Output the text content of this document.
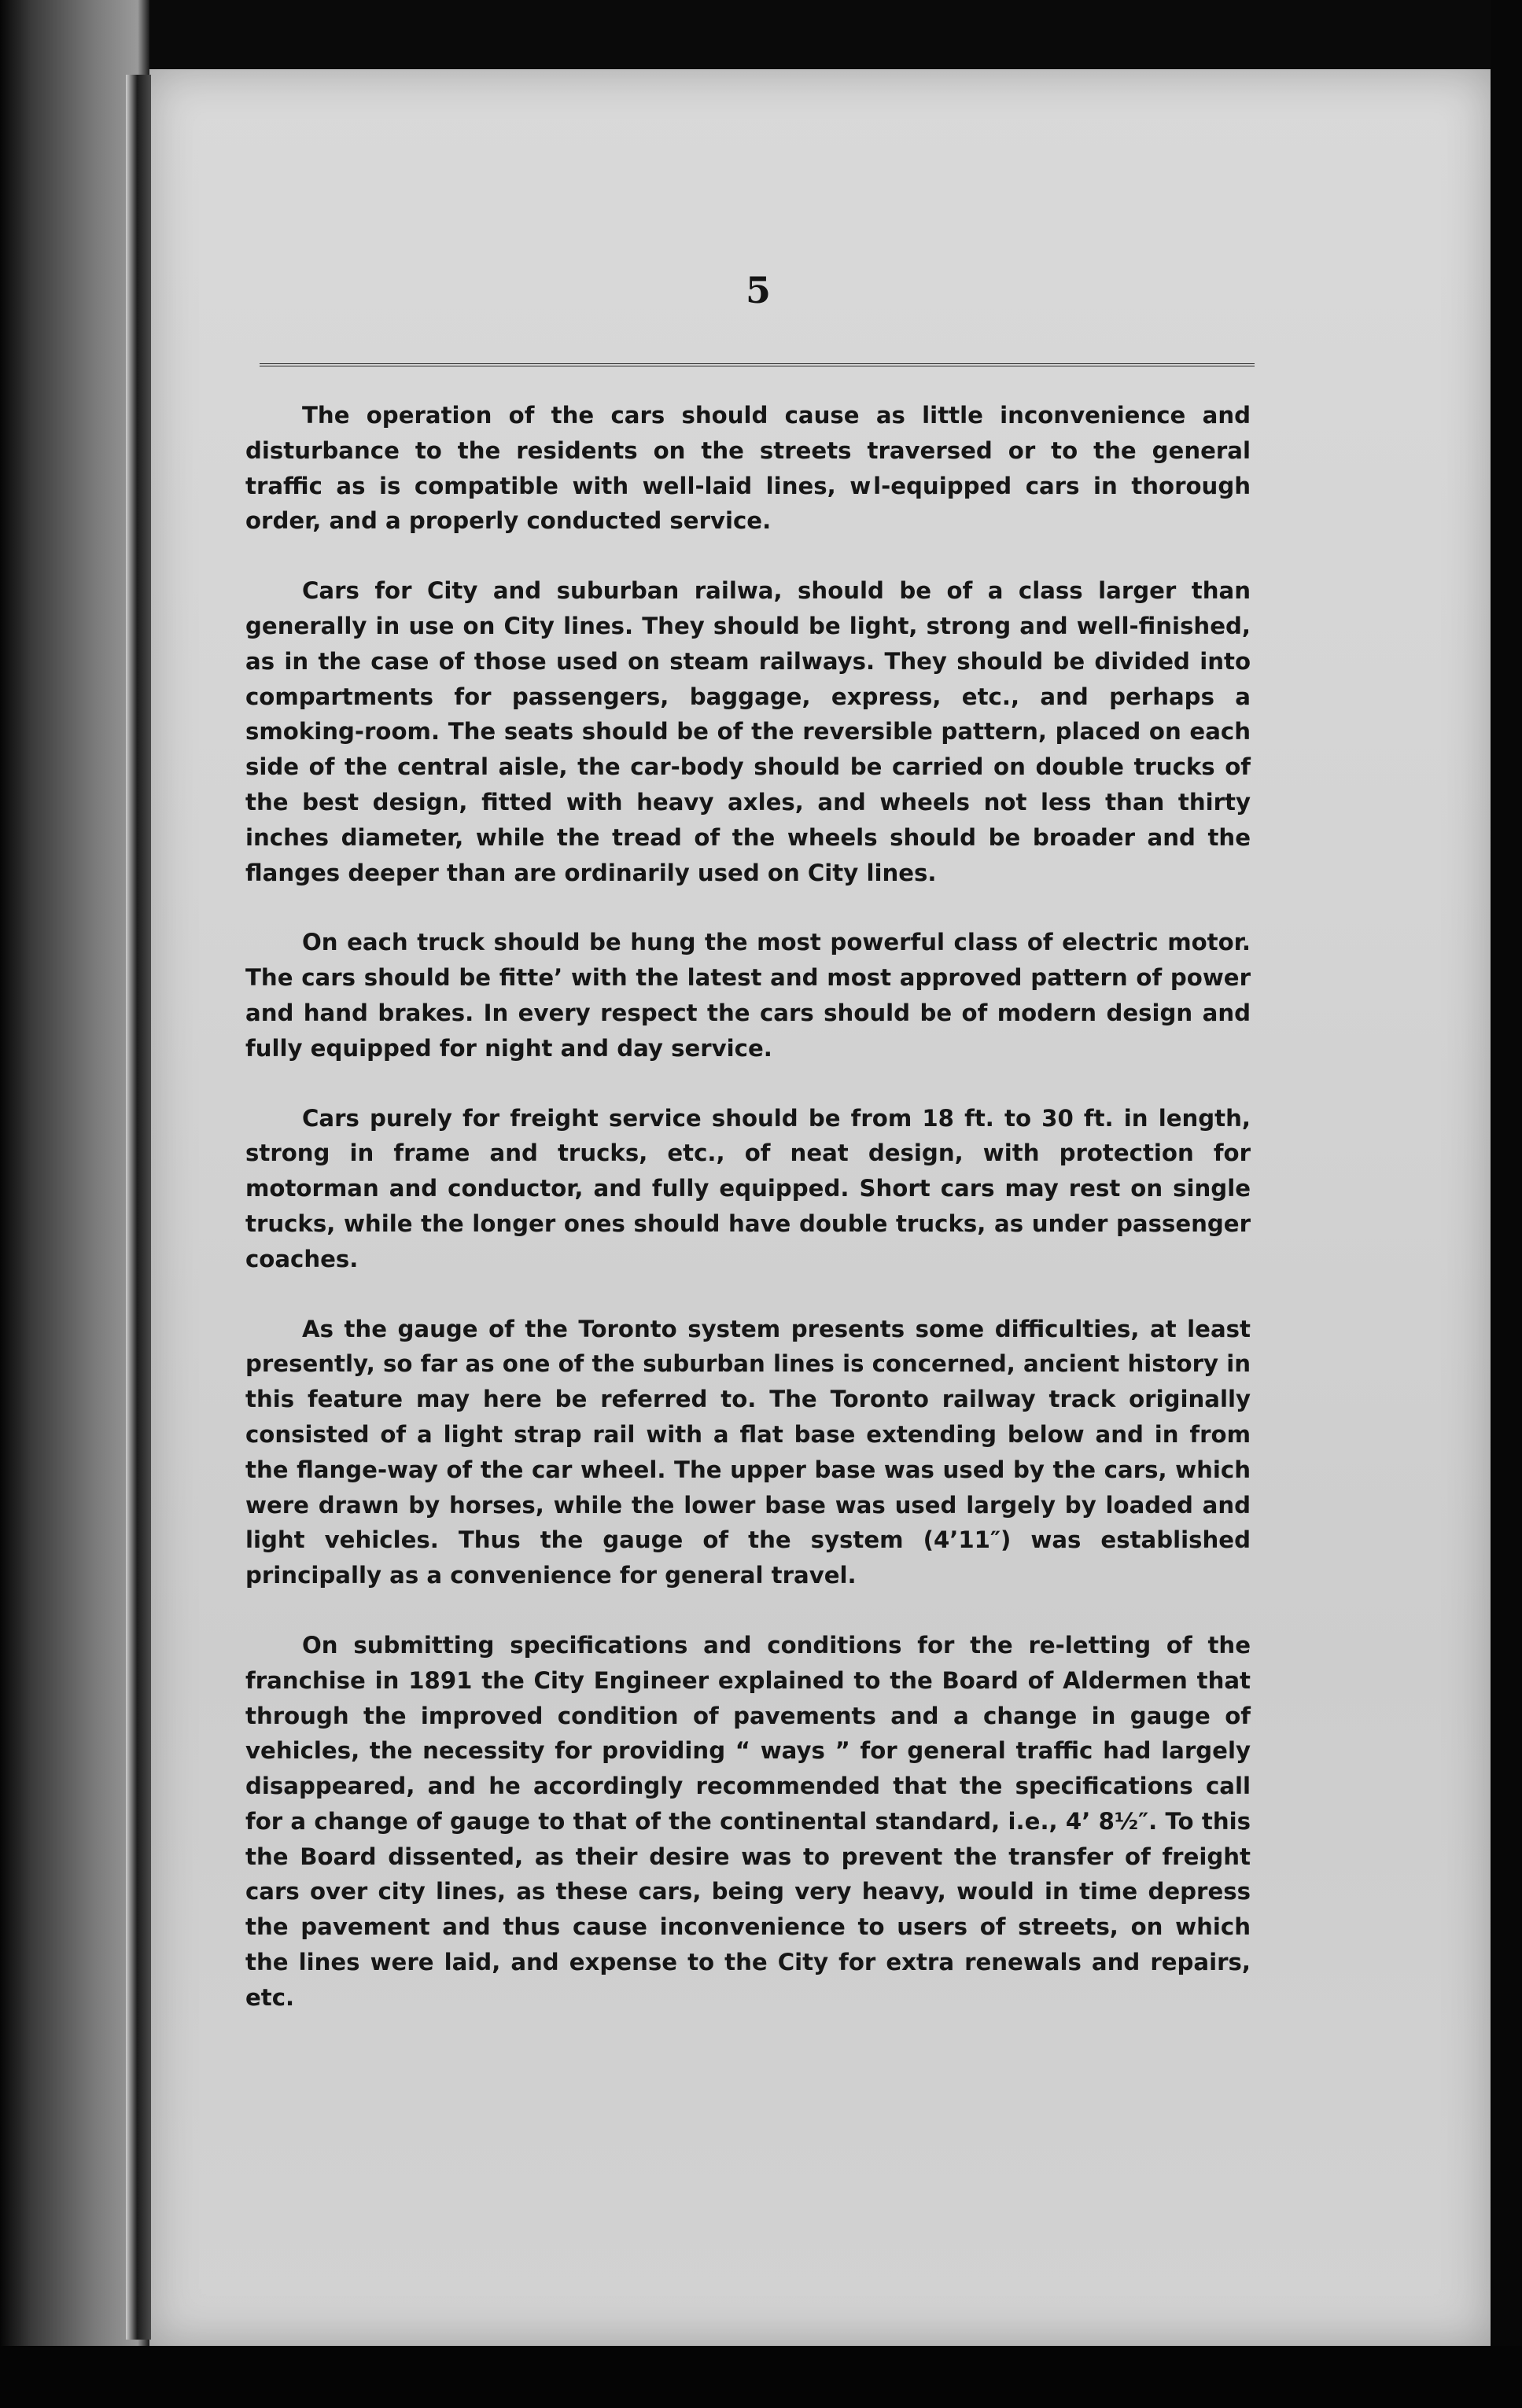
5

The operation of the cars should cause as little inconvenience and disturbance to the residents on the streets traversed or to the general traffic as is compatible with well-laid lines, w l-equipped cars in thorough order, and a properly conducted service.

Cars for City and suburban railwa, should be of a class larger than generally in use on City lines. They should be light, strong and well-finished, as in the case of those used on steam railways. They should be divided into compartments for passengers, baggage, express, etc., and perhaps a smoking-room. The seats should be of the reversible pattern, placed on each side of the central aisle, the car-body should be carried on double trucks of the best design, fitted with heavy axles, and wheels not less than thirty inches diameter, while the tread of the wheels should be broader and the flanges deeper than are ordinarily used on City lines.

On each truck should be hung the most powerful class of electric motor. The cars should be fitte’ with the latest and most approved pattern of power and hand brakes. In every respect the cars should be of modern design and fully equipped for night and day service.

Cars purely for freight service should be from 18 ft. to 30 ft. in length, strong in frame and trucks, etc., of neat design, with protection for motorman and conductor, and fully equipped. Short cars may rest on single trucks, while the longer ones should have double trucks, as under passenger coaches.

As the gauge of the Toronto system presents some difficulties, at least presently, so far as one of the suburban lines is concerned, ancient history in this feature may here be referred to. The Toronto railway track originally consisted of a light strap rail with a flat base extending below and in from the flange-way of the car wheel. The upper base was used by the cars, which were drawn by horses, while the lower base was used largely by loaded and light vehicles. Thus the gauge of the system (4’11″) was established principally as a convenience for general travel.

On submitting specifications and conditions for the re-letting of the franchise in 1891 the City Engineer explained to the Board of Aldermen that through the improved condition of pavements and a change in gauge of vehicles, the necessity for providing “ ways ” for general traffic had largely disappeared, and he accordingly recommended that the specifications call for a change of gauge to that of the continental standard, i.e., 4’ 8½″. To this the Board dissented, as their desire was to prevent the transfer of freight cars over city lines, as these cars, being very heavy, would in time depress the pavement and thus cause inconvenience to users of streets, on which the lines were laid, and expense to the City for extra renewals and repairs, etc.
